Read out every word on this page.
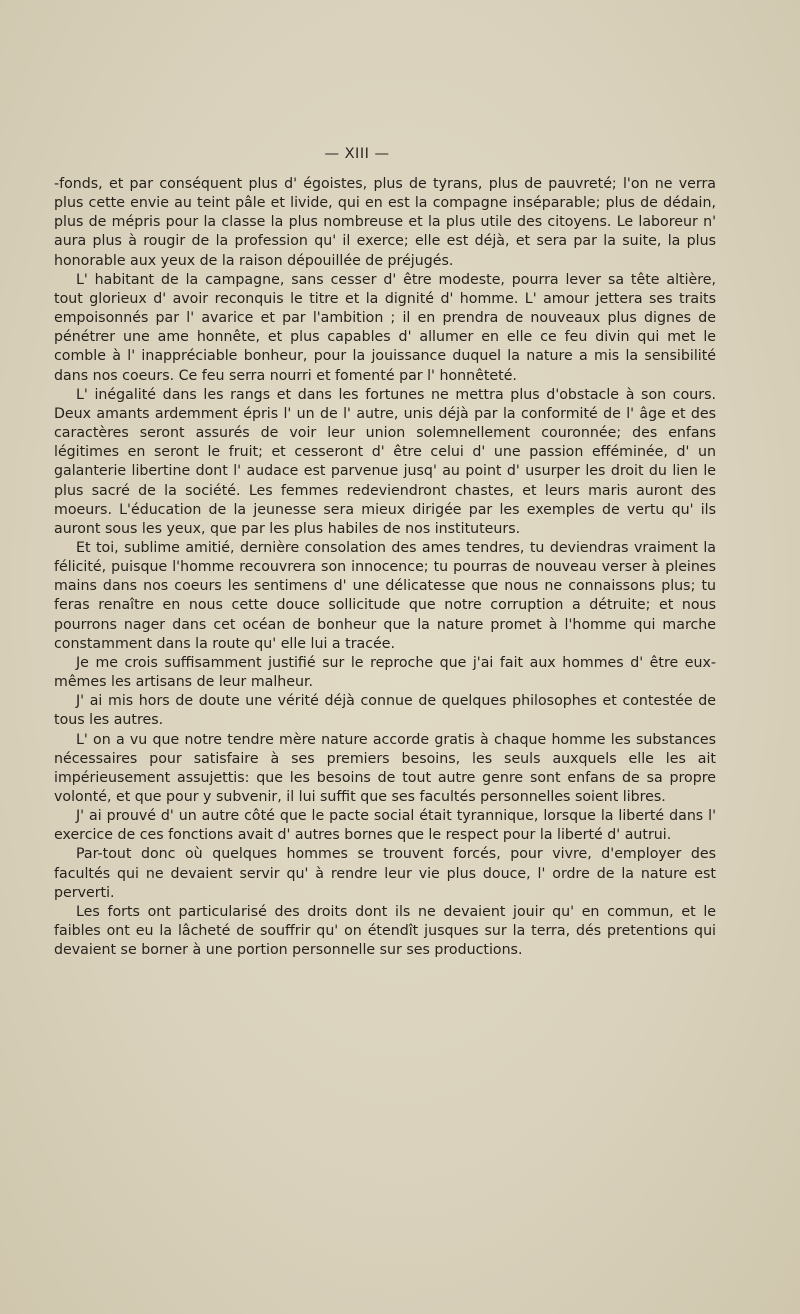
— XIII —

-fonds, et par conséquent plus d' égoistes, plus de tyrans, plus de pauvreté; l'on ne verra plus cette envie au teint pâle et livide, qui en est la compagne inséparable; plus de dédain, plus de mépris pour la classe la plus nombreuse et la plus utile des citoyens. Le laboreur n' aura plus à rougir de la profession qu' il exerce; elle est déjà, et sera par la suite, la plus honorable aux yeux de la raison dépouillée de préjugés.

L' habitant de la campagne, sans cesser d' être modeste, pourra lever sa tête altière, tout glorieux d' avoir reconquis le titre et la dignité d' homme. L' amour jettera ses traits empoisonnés par l' avarice et par l'ambition ; il en prendra de nouveaux plus dignes de pénétrer une ame honnête, et plus capables d' allumer en elle ce feu divin qui met le comble à l' inappréciable bonheur, pour la jouissance duquel la nature a mis la sensibilité dans nos coeurs. Ce feu serra nourri et fomenté par l' honnêteté.

L' inégalité dans les rangs et dans les fortunes ne mettra plus d'obstacle à son cours. Deux amants ardemment épris l' un de l' autre, unis déjà par la conformité de l' âge et des caractères seront assurés de voir leur union solemnellement couronnée; des enfans légitimes en seront le fruit; et cesseront d' être celui d' une passion efféminée, d' un galanterie libertine dont l' audace est parvenue jusq' au point d' usurper les droit du lien le plus sacré de la société. Les femmes redeviendront chastes, et leurs maris auront des moeurs. L'éducation de la jeunesse sera mieux dirigée par les exemples de vertu qu' ils auront sous les yeux, que par les plus habiles de nos instituteurs.

Et toi, sublime amitié, dernière consolation des ames tendres, tu deviendras vraiment la félicité, puisque l'homme recouvrera son innocence; tu pourras de nouveau verser à pleines mains dans nos coeurs les sentimens d' une délicatesse que nous ne connaissons plus; tu feras renaître en nous cette douce sollicitude que notre corruption a détruite; et nous pourrons nager dans cet océan de bonheur que la nature promet à l'homme qui marche constamment dans la route qu' elle lui a tracée.

Je me crois suffisamment justifié sur le reproche que j'ai fait aux hommes d' être eux-mêmes les artisans de leur malheur.

J' ai mis hors de doute une vérité déjà connue de quelques philosophes et contestée de tous les autres.

L' on a vu que notre tendre mère nature accorde gratis à chaque homme les substances nécessaires pour satisfaire à ses premiers besoins, les seuls auxquels elle les ait impérieusement assujettis: que les besoins de tout autre genre sont enfans de sa propre volonté, et que pour y subvenir, il lui suffit que ses facultés personnelles soient libres.

J' ai prouvé d' un autre côté que le pacte social était tyrannique, lorsque la liberté dans l' exercice de ces fonctions avait d' autres bornes que le respect pour la liberté d' autrui.

Par-tout donc où quelques hommes se trouvent forcés, pour vivre, d'employer des facultés qui ne devaient servir qu' à rendre leur vie plus douce, l' ordre de la nature est perverti.

Les forts ont particularisé des droits dont ils ne devaient jouir qu' en commun, et le faibles ont eu la lâcheté de souffrir qu' on étendît jusques sur la terra, dés pretentions qui devaient se borner à une portion personnelle sur ses productions.
